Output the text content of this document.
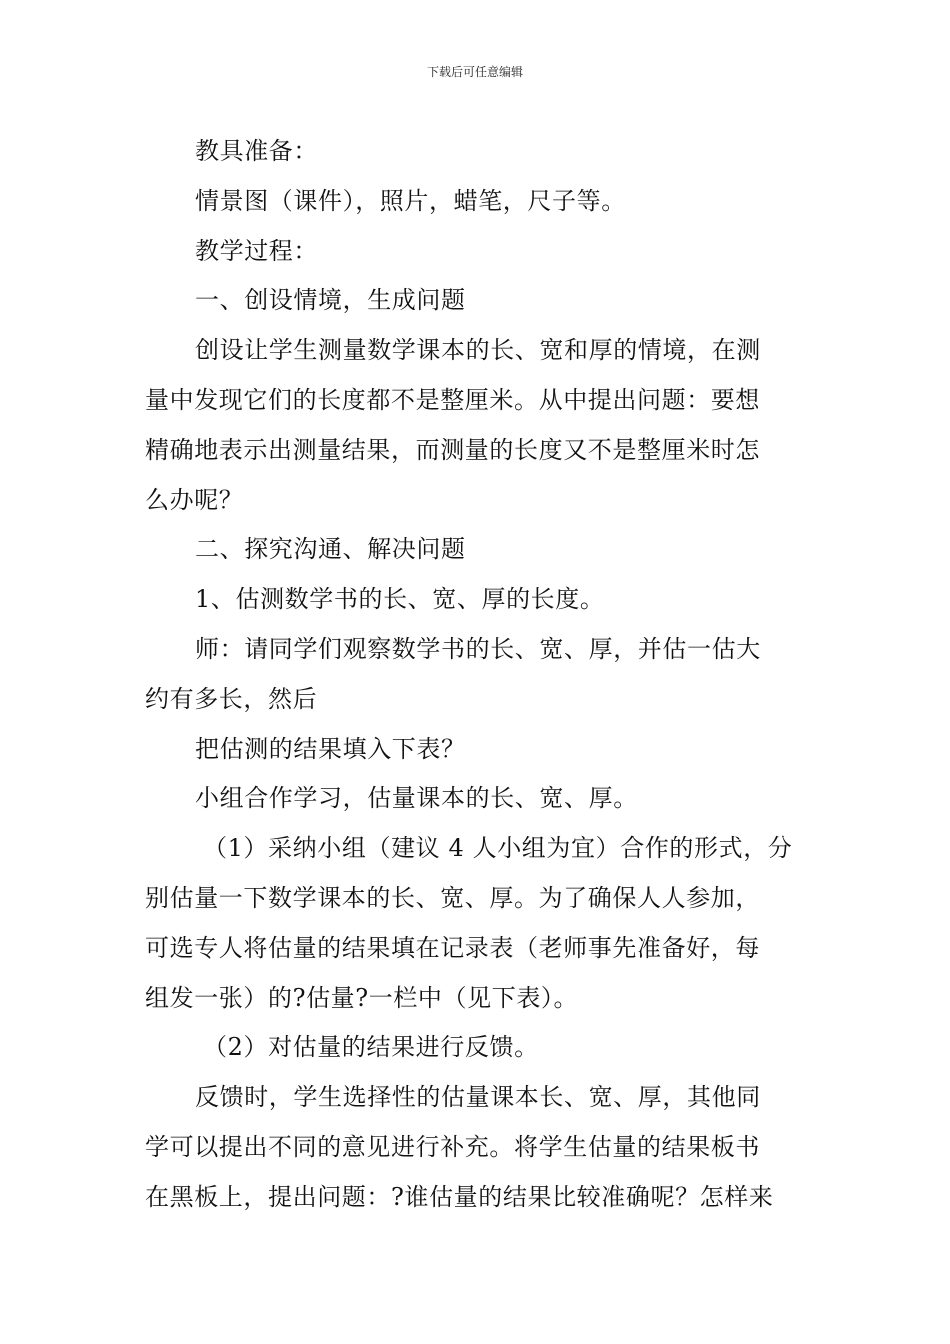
下载后可任意编辑

教具准备：

情景图（课件），照片，蜡笔，尺子等。

教学过程：

一、创设情境，生成问题

创设让学生测量数学课本的长、宽和厚的情境，在测

量中发现它们的长度都不是整厘米。从中提出问题：要想

精确地表示出测量结果，而测量的长度又不是整厘米时怎

么办呢？

二、探究沟通、解决问题

1、估测数学书的长、宽、厚的长度。

师：请同学们观察数学书的长、宽、厚，并估一估大

约有多长，然后

把估测的结果填入下表？

小组合作学习，估量课本的长、宽、厚。

（1）采纳小组（建议 4 人小组为宜）合作的形式，分

别估量一下数学课本的长、宽、厚。为了确保人人参加，

可选专人将估量的结果填在记录表（老师事先准备好，每

组发一张）的?估量?一栏中（见下表）。

（2）对估量的结果进行反馈。

反馈时，学生选择性的估量课本长、宽、厚，其他同

学可以提出不同的意见进行补充。将学生估量的结果板书

在黑板上，提出问题：?谁估量的结果比较准确呢？怎样来
